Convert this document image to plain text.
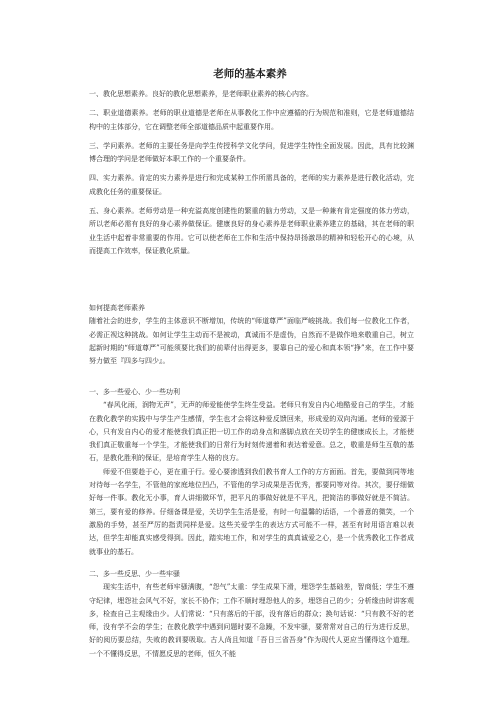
老师的基本素养

一、教化思想素养。良好的教化思想素养，是老师职业素养的核心内容。

二、职业道德素养。老师的职业道德是老师在从事教化工作中应遵循的行为规范和准则，它是老师道德结构中的主体部分，它在调整老师全部道德品质中起重要作用。

三、学问素养。老师的主要任务是向学生传授科学文化学问，促进学生特性全面发展。因此，具有比较渊博合理的学问是老师做好本职工作的一个重要条件。

四、实力素养。肯定的实力素养是进行和完成某种工作所需具备的，老师的实力素养是进行教化活动，完成教化任务的重要保证。

五、身心素养。老师劳动是一种充溢高度创建性的繁重的脑力劳动，又是一种兼有肯定强度的体力劳动，所以老师必需有良好的身心素养做保证。健康良好的身心素养是老师职业素养建立的基础，其在老师的职业生活中起着非常重要的作用。它可以使老师在工作和生活中保持昂扬激昂的精神和轻松开心的心境，从而提高工作效率，保证教化质量。

如何提高老师素养

随着社会的进步，学生的主体意识不断增加，传统的“师道尊严”面临严峻挑战。我们每一位教化工作者，必需正视这种挑战。如何让学生主动而不是被动，真诚而不是虚伪，自然而不是做作地来敬重自己，树立起新时期的“师道尊严”可能须要比我们的前辈付出得更多，要靠自己的爱心和真本领“挣”来，在工作中要努力做至『四多与四少』。

一、多一些爱心、少一些功利

“春风化雨，润物无声”，无声的师爱能使学生终生受益。老师只有发自内心地酷爱自己的学生，才能在教化教学的实践中与学生产生感情，学生也才会将这种爱反馈回来，形成爱的双向沟通。老师的爱源于心，只有发自内心的爱才能使我们真正把一切工作的动身点和落脚点放在关切学生的健康成长上，才能使我们真正敬重每一个学生，才能使我们的日常行为时刻传递着和表达着爱意。总之，敬重是师生互敬的基石，是教化胜利的保证，是培育学生人格的良方。

师爱不但要趁于心，更在重于行。爱心要渗透到我们教书育人工作的方方面面。首先，要做到同等地对待每一名学生，不管他的家庭地位凹凸，不管他的学习成果是否优秀，都要同等对待。其次，要仔细做好每一件事。教化无小事，育人讲细微环节，把平凡的事做好就是不平凡，把简洁的事做好就是不简洁。第三，要有爱的修养。仔细备课是爱，关切学生生活是爱，有时一句温馨的话语，一个善意的微笑，一个激励的手势，甚至严厉的指责同样是爱。这些关爱学生的表达方式可能不一样，甚至有时用语言难以表达，但学生却能真实感受得到。因此，踏实地工作，和对学生的真真诚爱之心，是一个优秀教化工作者成就事业的基石。

二、多一些反思、少一些牢骚

现实生活中，有些老师牢骚满腹，“怨气”太重：学生成果下滑，埋怨学生基础差，智商低；学生不遵守纪律，埋怨社会风气不好，家长不协作；工作不顺时埋怨他人的多，埋怨自己的少；分析缘由时讲客观多，检查自己主观缘由少。人们常说：“只有落后的干部，没有落后的群众；换句话说：“只有教不好的老师，没有学不会的学生；在教化教学中遇到问题时要不急躁，不发牢骚，要常常对自己的行为进行反思，好的阅历要总结，失败的教训要吸取。古人尚且知道「吾日三省吾身”作为现代人更应当懂得这个道理。一个不懂得反思，不情愿反思的老师，恒久不能
